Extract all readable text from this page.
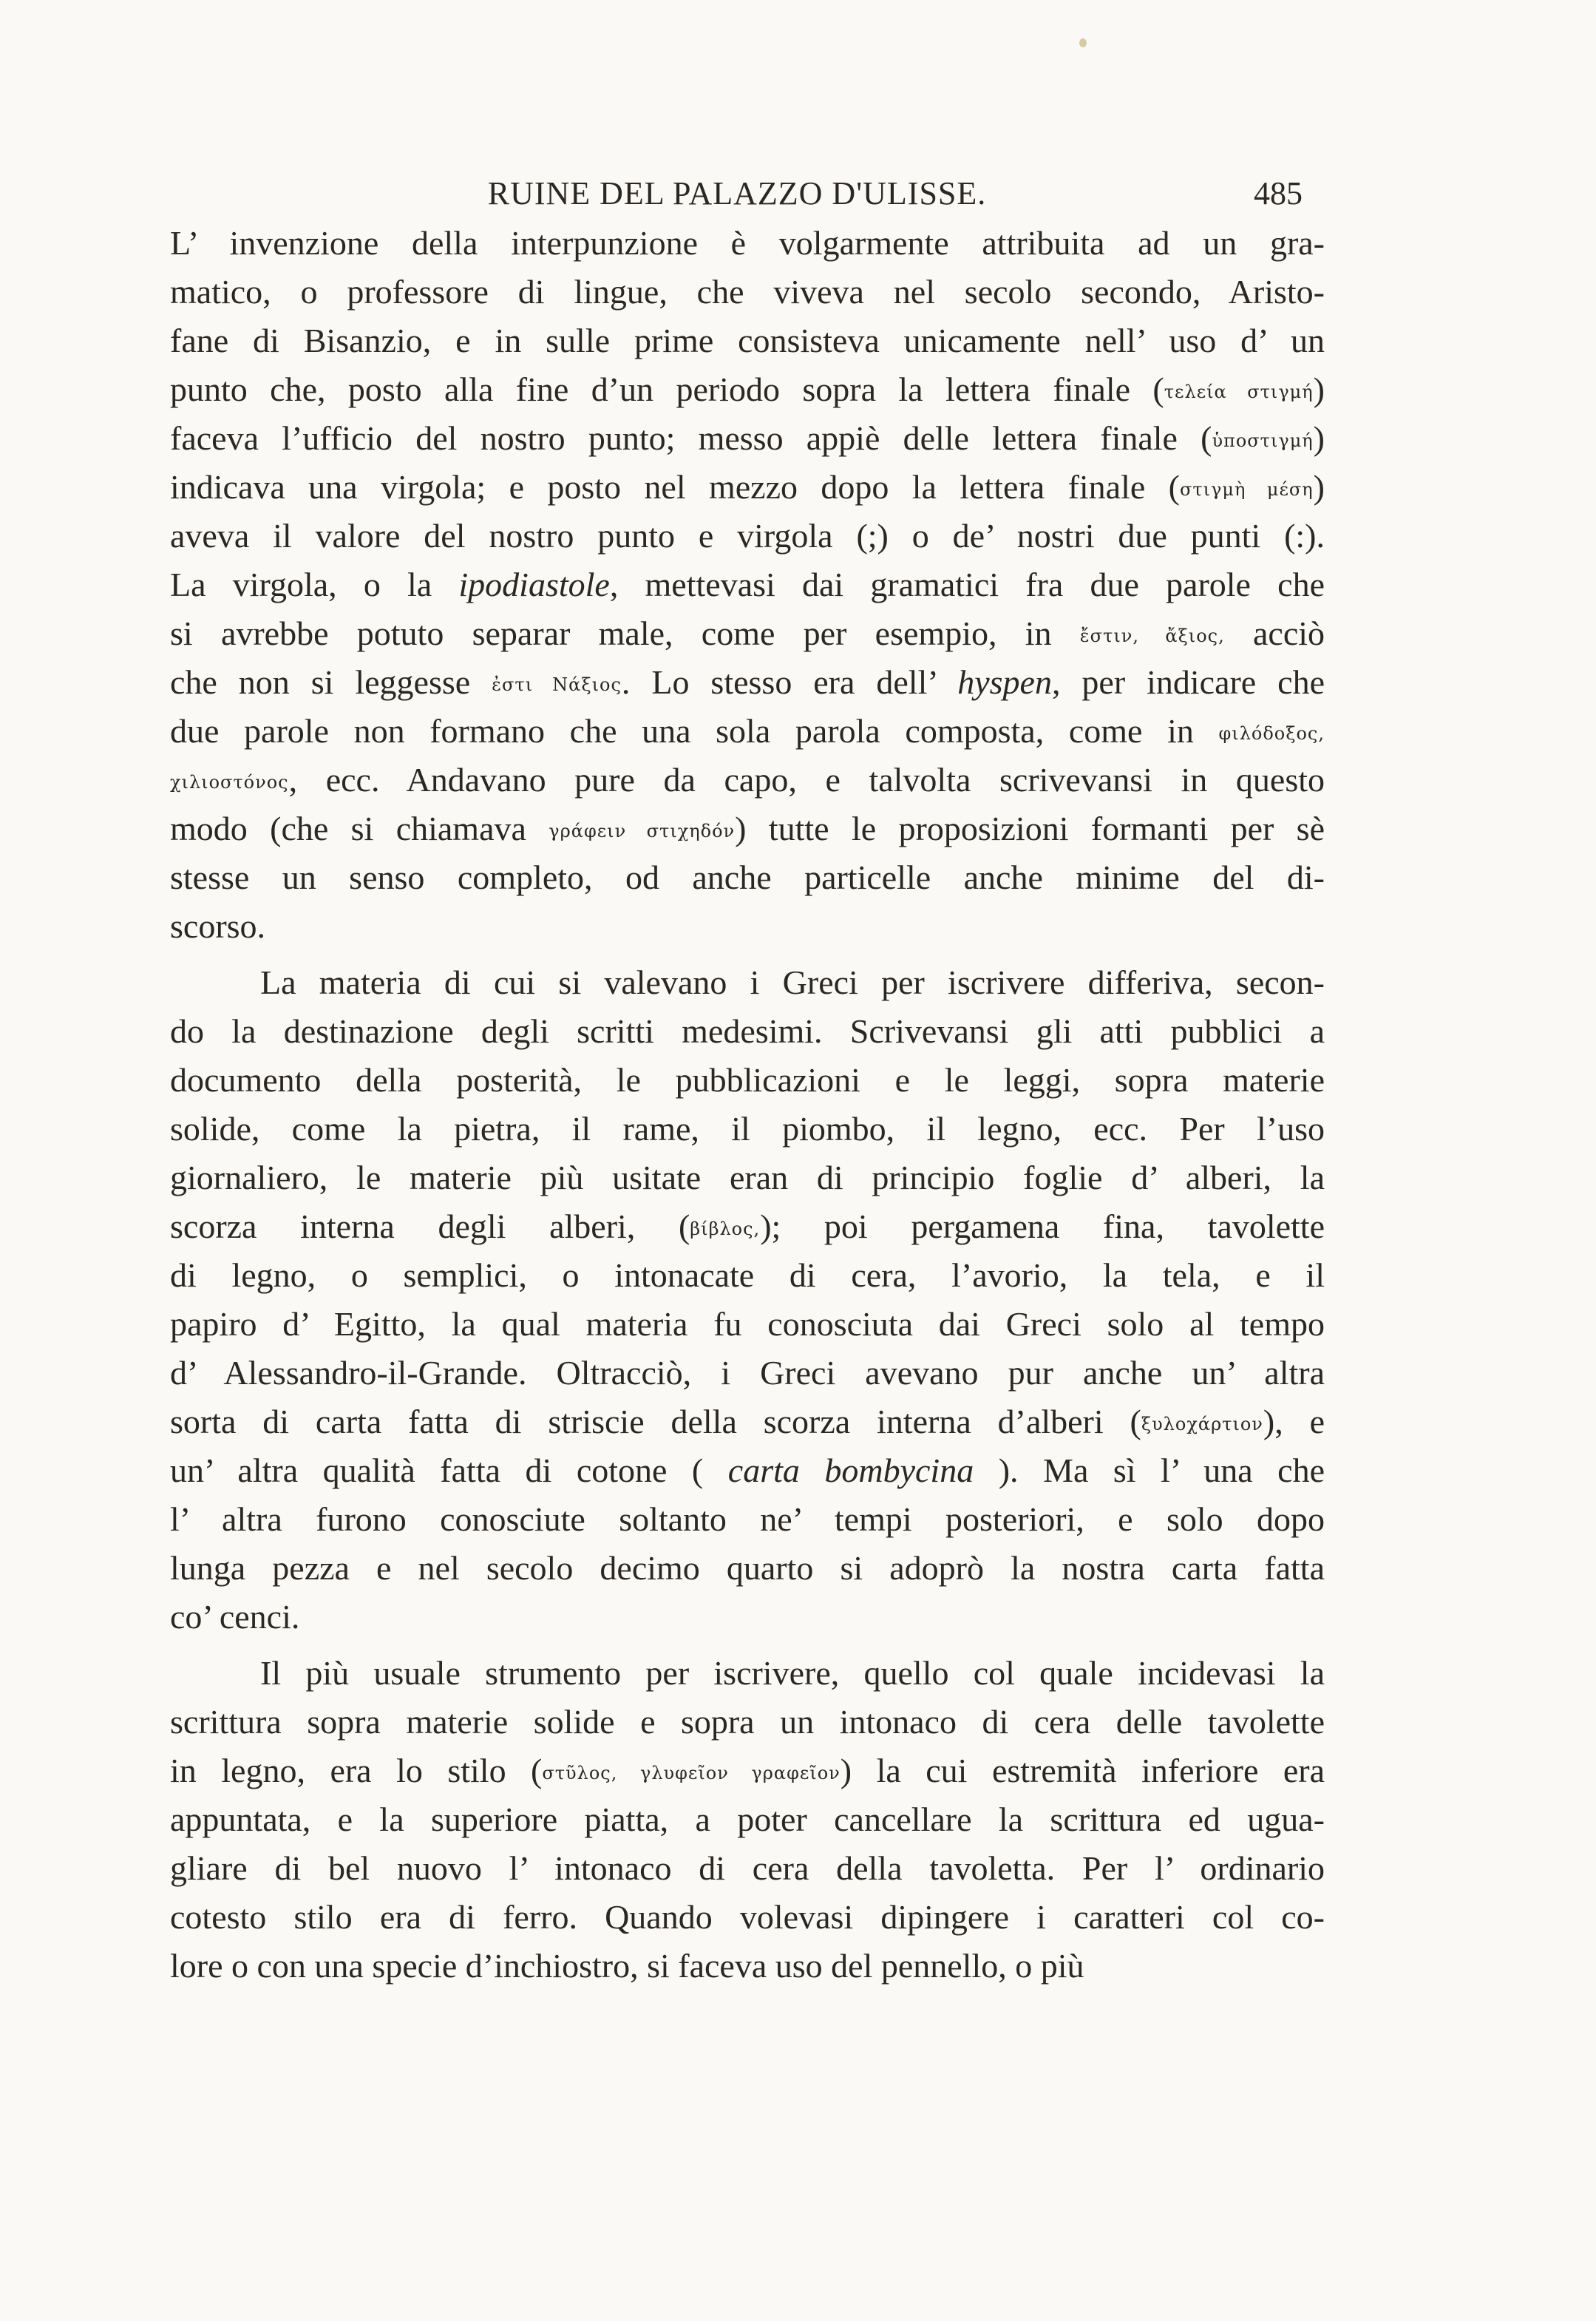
RUINE DEL PALAZZO D'ULISSE.	485
L’ invenzione della interpunzione è volgarmente attribuita ad un gra-
matico, o professore di lingue, che viveva nel secolo secondo, Aristo-
fane di Bisanzio, e in sulle prime consisteva unicamente nell’ uso d’ un
punto che, posto alla fine d’un periodo sopra la lettera finale (τελεία στιγμή)
faceva l’ufficio del nostro punto; messo appiè delle lettera finale (ὑποστιγμή)
indicava una virgola; e posto nel mezzo dopo la lettera finale (στιγμὴ μέση)
aveva il valore del nostro punto e virgola (;) o de’ nostri due punti (:).
La virgola, o la ipodiastole, mettevasi dai gramatici fra due parole che
si avrebbe potuto separar male, come per esempio, in ἔστιν, ἄξιος, acciò
che non si leggesse ἐστι Νάξιος. Lo stesso era dell’ hyspen, per indicare che
due parole non formano che una sola parola composta, come in φιλόδοξος,
χιλιοστόνος, ecc. Andavano pure da capo, e talvolta scrivevansi in questo
modo (che si chiamava γράφειν στιχηδόν) tutte le proposizioni formanti per sè
stesse un senso completo, od anche particelle anche minime del di-
scorso.
La materia di cui si valevano i Greci per iscrivere differiva, secon-
do la destinazione degli scritti medesimi. Scrivevansi gli atti pubblici a
documento della posterità, le pubblicazioni e le leggi, sopra materie
solide, come la pietra, il rame, il piombo, il legno, ecc. Per l’uso
giornaliero, le materie più usitate eran di principio foglie d’ alberi, la
scorza interna degli alberi, (βίβλος,); poi pergamena fina, tavolette
di legno, o semplici, o intonacate di cera, l’avorio, la tela, e il
papiro d’ Egitto, la qual materia fu conosciuta dai Greci solo al tempo
d’ Alessandro-il-Grande. Oltracciò, i Greci avevano pur anche un’ altra
sorta di carta fatta di striscie della scorza interna d’alberi (ξυλοχάρτιον), e
un’ altra qualità fatta di cotone ( carta bombycina ). Ma sì l’ una che
l’ altra furono conosciute soltanto ne’ tempi posteriori, e solo dopo
lunga pezza e nel secolo decimo quarto si adoprò la nostra carta fatta
co’ cenci.
Il più usuale strumento per iscrivere, quello col quale incidevasi la
scrittura sopra materie solide e sopra un intonaco di cera delle tavolette
in legno, era lo stilo (στῦλος, γλυφεῖον γραφεῖον) la cui estremità inferiore era
appuntata, e la superiore piatta, a poter cancellare la scrittura ed ugua-
gliare di bel nuovo l’ intonaco di cera della tavoletta. Per l’ ordinario
cotesto stilo era di ferro. Quando volevasi dipingere i caratteri col co-
lore o con una specie d’inchiostro, si faceva uso del pennello, o più
